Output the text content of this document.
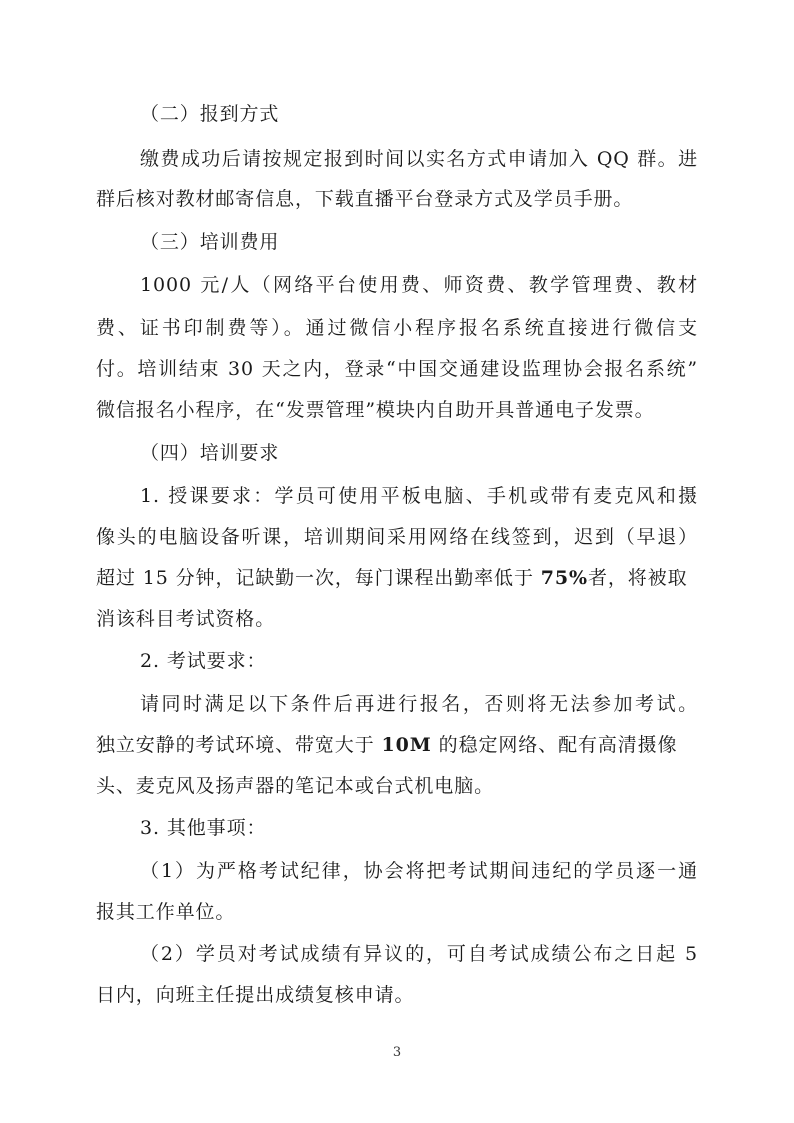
（二）报到方式
缴费成功后请按规定报到时间以实名方式申请加入 QQ 群。进
群后核对教材邮寄信息，下载直播平台登录方式及学员手册。
（三）培训费用
1000 元/人（网络平台使用费、师资费、教学管理费、教材
费、证书印制费等）。通过微信小程序报名系统直接进行微信支
付。培训结束 30 天之内，登录“中国交通建设监理协会报名系统”
微信报名小程序，在“发票管理”模块内自助开具普通电子发票。
（四）培训要求
1. 授课要求：学员可使用平板电脑、手机或带有麦克风和摄
像头的电脑设备听课，培训期间采用网络在线签到，迟到（早退）
超过 15 分钟，记缺勤一次，每门课程出勤率低于 75%者，将被取
消该科目考试资格。
2. 考试要求：
请同时满足以下条件后再进行报名，否则将无法参加考试。
独立安静的考试环境、带宽大于 10M 的稳定网络、配有高清摄像
头、麦克风及扬声器的笔记本或台式机电脑。
3. 其他事项：
（1）为严格考试纪律，协会将把考试期间违纪的学员逐一通
报其工作单位。
（2）学员对考试成绩有异议的，可自考试成绩公布之日起 5
日内，向班主任提出成绩复核申请。
3
